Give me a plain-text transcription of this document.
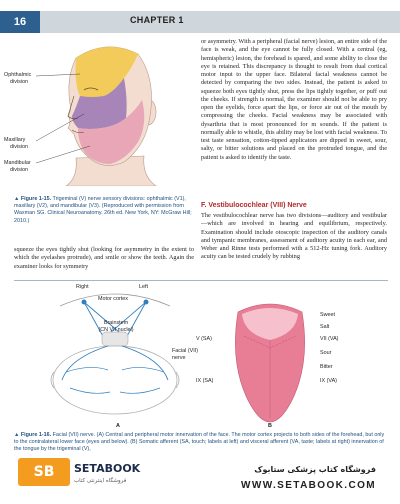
16	CHAPTER 1
Ophthalmic
division
Maxillary
division
Mandibular
division
▲ Figure 1-15. Trigeminal (V) nerve sensory divisions: ophthalmic (V1), maxillary (V2), and mandibular (V3). (Reproduced with permission from Waxman SG. Clinical Neuroanatomy. 26th ed. New York, NY: McGraw Hill; 2010.)
squeeze the eyes tightly shut (looking for asymmetry in the extent to which the eyelashes protrude), and smile or show the teeth. Again the examiner looks for symmetry
or asymmetry. With a peripheral (facial nerve) lesion, an entire side of the face is weak, and the eye cannot be fully closed. With a central (eg, hemispheric) lesion, the forehead is spared, and some ability to close the eye is retained. This discrepancy is thought to result from dual cortical motor input to the upper face. Bilateral facial weakness cannot be detected by comparing the two sides. Instead, the patient is asked to squeeze both eyes tightly shut, press the lips tightly together, or puff out the cheeks. If strength is normal, the examiner should not be able to pry open the eyelids, force apart the lips, or force air out of the mouth by compressing the cheeks. Facial weakness may be associated with dysarthria that is most pronounced for m sounds. If the patient is normally able to whistle, this ability may be lost with facial weakness. To test taste sensation, cotton-tipped applicators are dipped in sweet, sour, salty, or bitter solutions and placed on the protruded tongue, and the patient is asked to identify the taste.
F. Vestibulocochlear (VIII) Nerve
The vestibulocochlear nerve has two divisions—auditory and vestibular—which are involved in hearing and equilibrium, respectively. Examination should include otoscopic inspection of the auditory canals and tympanic membranes, assessment of auditory acuity in each ear, and Weber and Rinne tests performed with a 512-Hz tuning fork. Auditory acuity can be tested crudely by rubbing
Right	Left
Motor cortex
Brainstem
(CN VII nuclei)
Facial (VII)
nerve
A
Sweet
Salt
VII (VA)
V (SA)
Sour
Bitter
IX (VA)
IX (SA)
B
▲ Figure 1-16. Facial (VII) nerve. (A) Central and peripheral motor innervation of the face. The motor cortex projects to both sides of the forehead, but only to the contralateral lower face (eyes and below). (B) Somatic afferent (SA, touch; labels at left) and visceral afferent (VA, taste; labels at right) innervation of the tongue by the trigeminal (V),
SB	SETABOOK
فروشگاه اینترنتی کتاب
فروشگاه کتاب پزشکی ستابوک
WWW.SETABOOK.COM
